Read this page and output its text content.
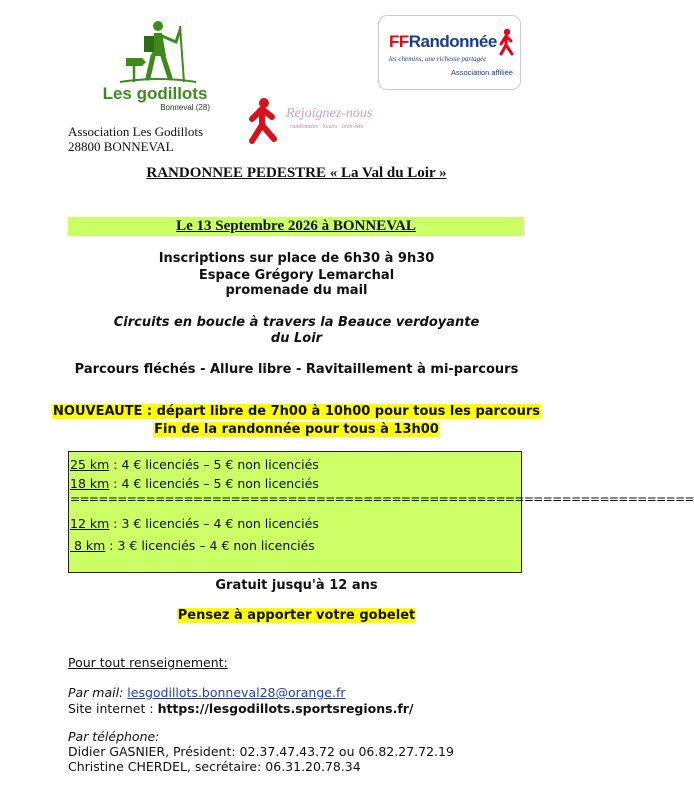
Les godillots
Bonneval (28)
FFRandonnée
les chemins, une richesse partagée
Association affiliée
Rejoignez-nous
randonnées · loisirs · bien-être
Association Les Godillots
28800 BONNEVAL
RANDONNEE PEDESTRE « La Val du Loir »
Le 13 Septembre 2026 à BONNEVAL
Inscriptions sur place de 6h30 à 9h30
Espace Grégory Lemarchal
promenade du mail
Circuits en boucle à travers la Beauce verdoyante
du Loir
Parcours fléchés - Allure libre - Ravitaillement à mi-parcours
NOUVEAUTE : départ libre de 7h00 à 10h00 pour tous les parcours
Fin de la randonnée pour tous à 13h00
25 km : 4 € licenciés – 5 € non licenciés
18 km : 4 € licenciés – 5 € non licenciés
==================================================================
12 km : 3 € licenciés – 4 € non licenciés
8 km : 3 € licenciés – 4 € non licenciés
Gratuit jusqu'à 12 ans
Pensez à apporter votre gobelet
Pour tout renseignement:
Par mail: lesgodillots.bonneval28@orange.fr
Site internet : https://lesgodillots.sportsregions.fr/
Par téléphone:
Didier GASNIER, Président: 02.37.47.43.72 ou 06.82.27.72.19
Christine CHERDEL, secrétaire: 06.31.20.78.34
